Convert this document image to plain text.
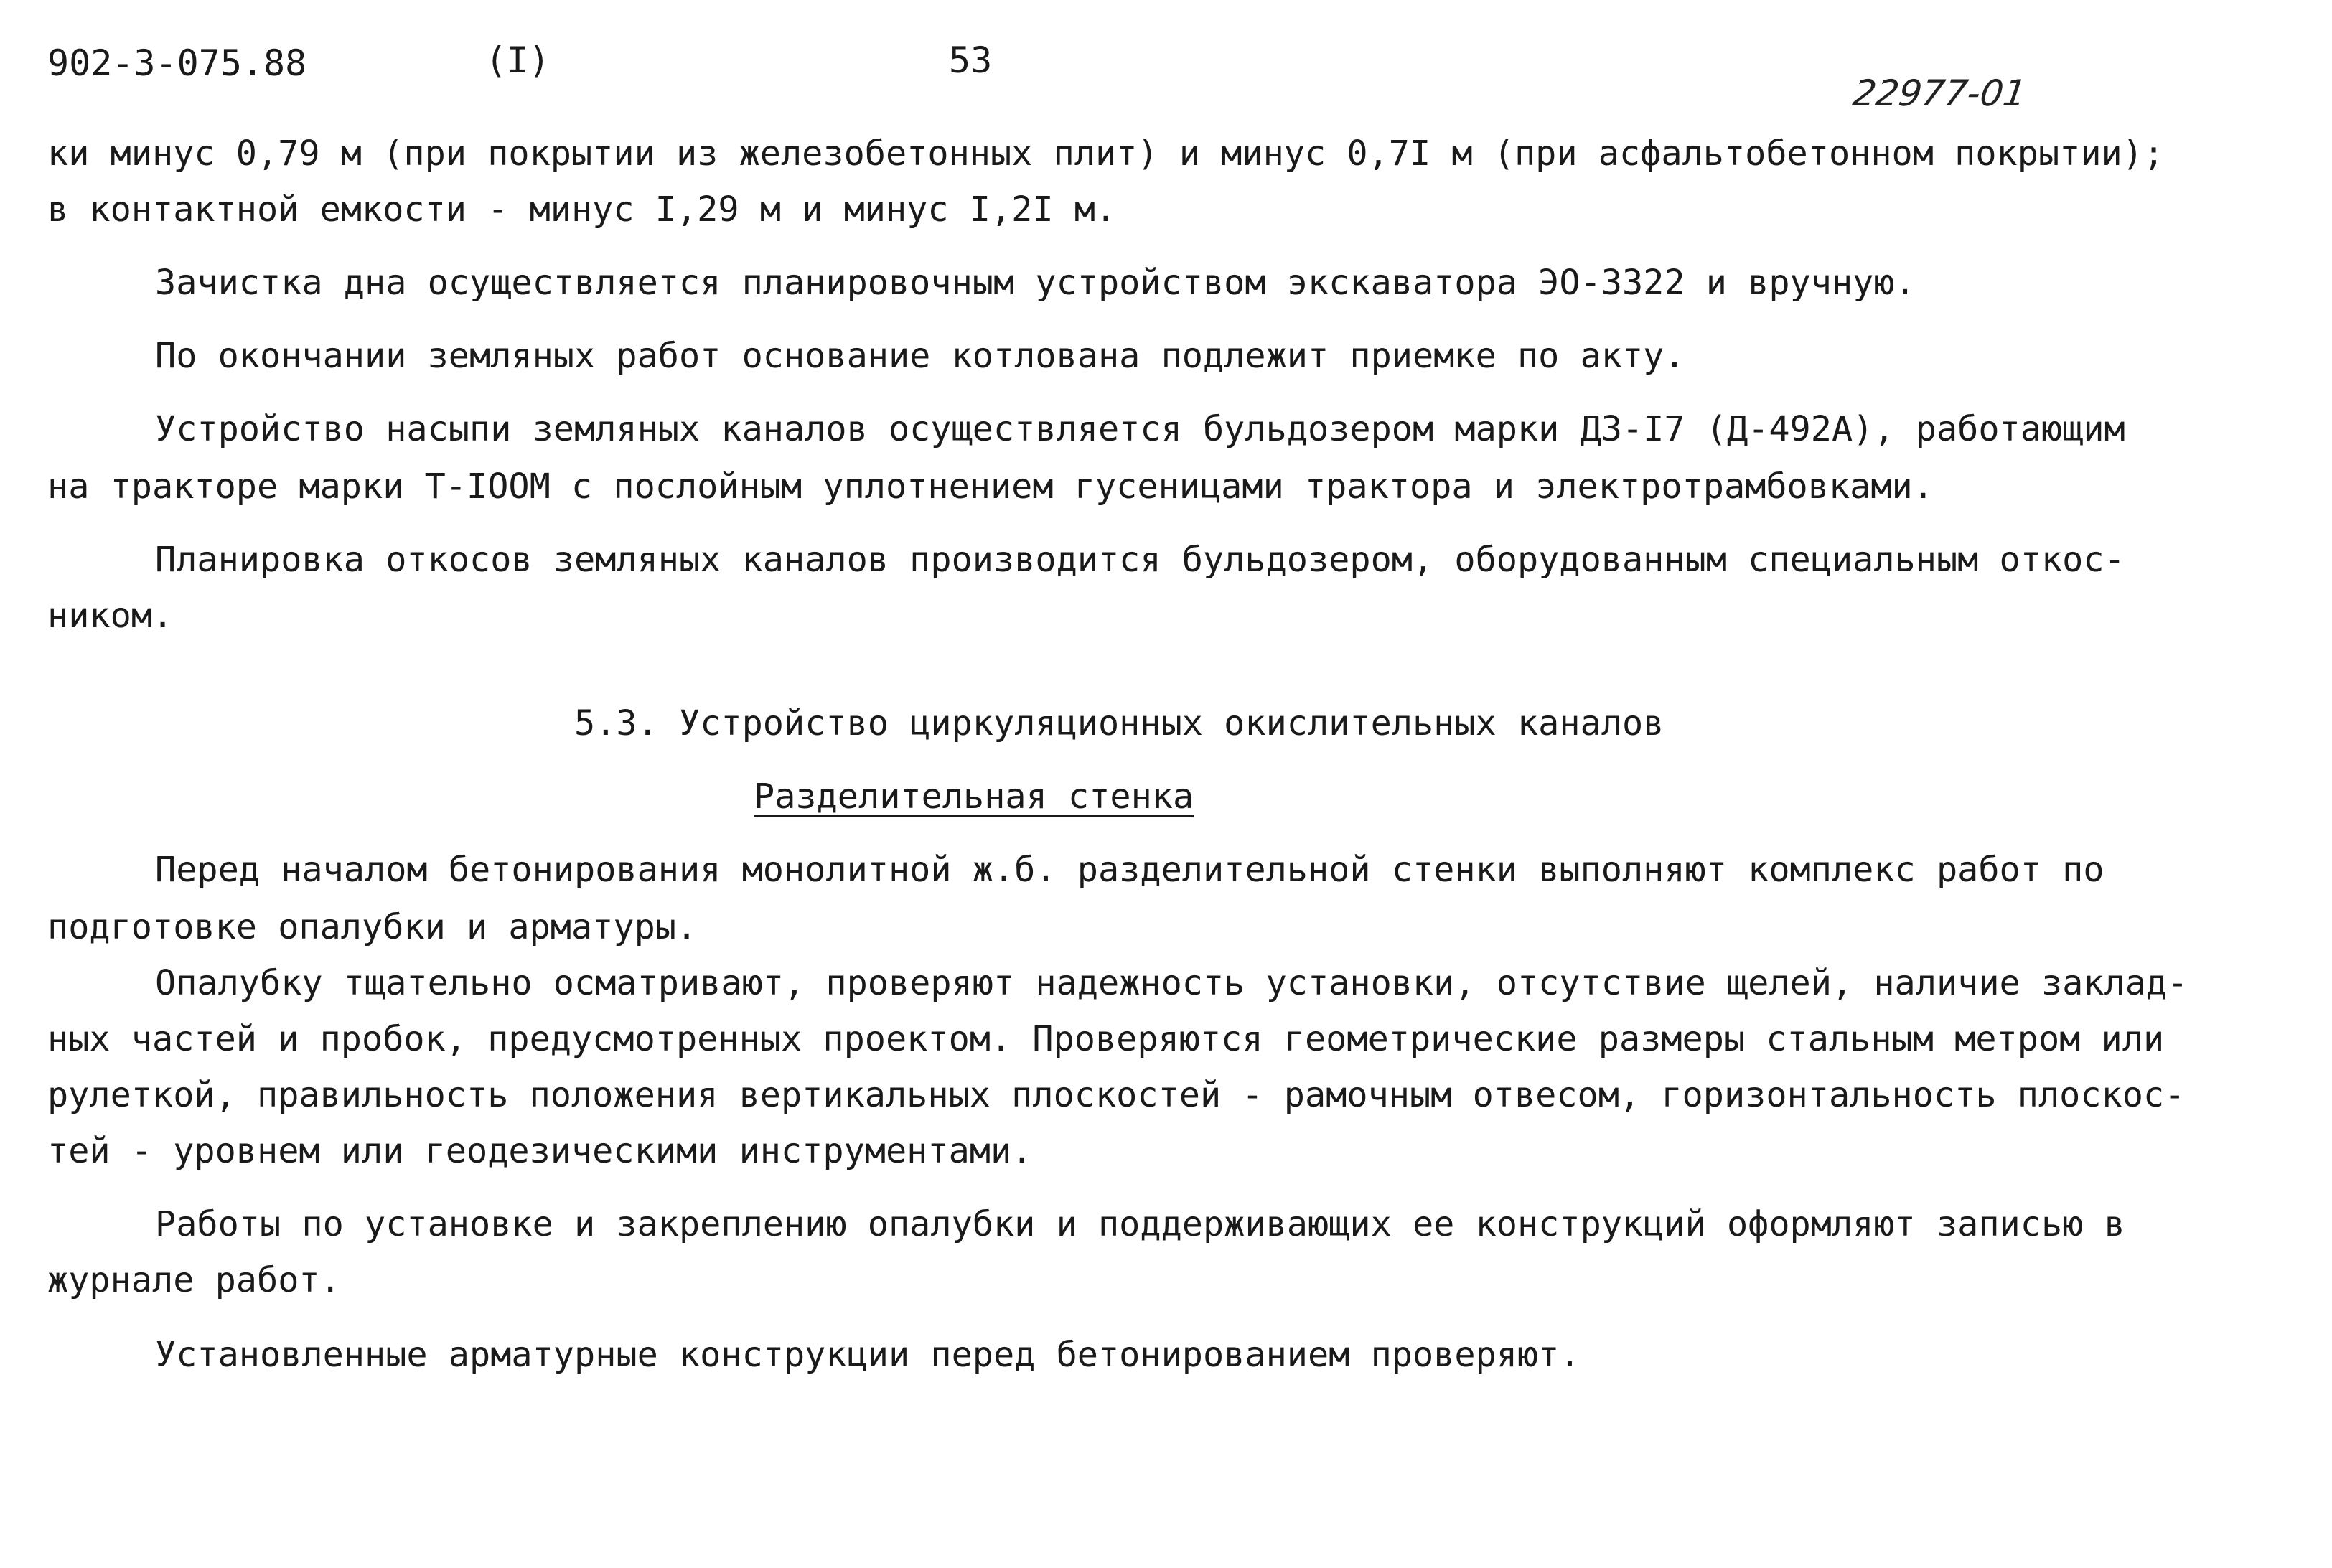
902-3-075.88	(I)	53
22977-01
ки минус 0,79 м (при покрытии из железобетонных плит) и минус 0,7I м (при асфальтобетонном покрытии);
в контактной емкости - минус I,29 м и минус I,2I м.
Зачистка дна осуществляется планировочным устройством экскаватора ЭО-3322 и вручную.
По окончании земляных работ основание котлована подлежит приемке по акту.
Устройство насыпи земляных каналов осуществляется бульдозером марки ДЗ-I7 (Д-492А), работающим
на тракторе марки Т-IООМ с послойным уплотнением гусеницами трактора и электротрамбовками.
Планировка откосов земляных каналов производится бульдозером, оборудованным специальным откос-
ником.
5.3. Устройство циркуляционных окислительных каналов
Разделительная стенка
Перед началом бетонирования монолитной ж.б. разделительной стенки выполняют комплекс работ по
подготовке опалубки и арматуры.
Опалубку тщательно осматривают, проверяют надежность установки, отсутствие щелей, наличие заклад-
ных частей и пробок, предусмотренных проектом. Проверяются геометрические размеры стальным метром или
рулеткой, правильность положения вертикальных плоскостей - рамочным отвесом, горизонтальность плоскос-
тей - уровнем или геодезическими инструментами.
Работы по установке и закреплению опалубки и поддерживающих ее конструкций оформляют записью в
журнале работ.
Установленные арматурные конструкции перед бетонированием проверяют.
